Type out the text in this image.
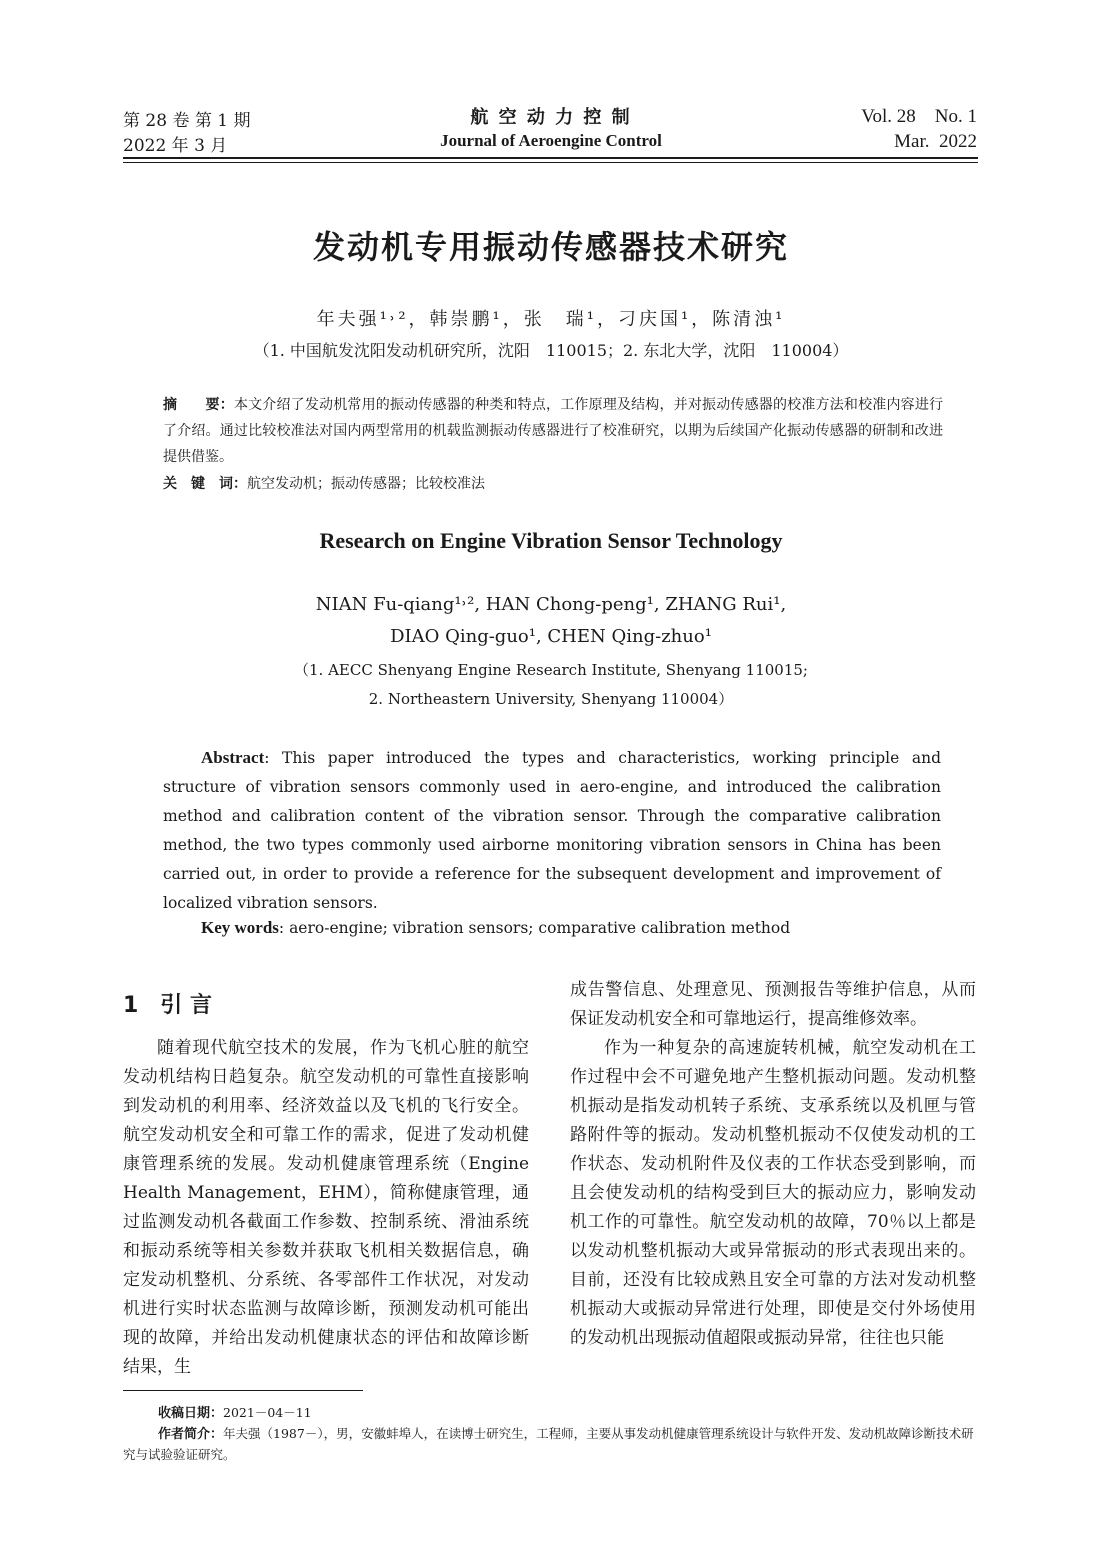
第 28 卷 第 1 期
2022 年 3 月
航 空 动 力 控 制
Journal of Aeroengine Control
Vol. 28    No. 1
Mar.  2022
发动机专用振动传感器技术研究
年夫强¹˒²，韩崇鹏¹，张　瑞¹，刁庆国¹，陈清浊¹
（1. 中国航发沈阳发动机研究所，沈阳　110015；2. 东北大学，沈阳　110004）
摘　　要：本文介绍了发动机常用的振动传感器的种类和特点，工作原理及结构，并对振动传感器的校准方法和校准内容进行了介绍。通过比较校准法对国内两型常用的机载监测振动传感器进行了校准研究，以期为后续国产化振动传感器的研制和改进提供借鉴。
关　键　词：航空发动机；振动传感器；比较校准法
Research on Engine Vibration Sensor Technology
NIAN Fu-qiang¹˒², HAN Chong-peng¹, ZHANG Rui¹,
DIAO Qing-guo¹, CHEN Qing-zhuo¹
（1. AECC Shenyang Engine Research Institute, Shenyang 110015;
2. Northeastern University, Shenyang 110004）
Abstract: This paper introduced the types and characteristics, working principle and structure of vibration sensors commonly used in aero-engine, and introduced the calibration method and calibration content of the vibration sensor. Through the comparative calibration method, the two types commonly used airborne monitoring vibration sensors in China has been carried out, in order to provide a reference for the subsequent development and improvement of localized vibration sensors.
Key words: aero-engine; vibration sensors; comparative calibration method
1　引 言

随着现代航空技术的发展，作为飞机心脏的航空发动机结构日趋复杂。航空发动机的可靠性直接影响到发动机的利用率、经济效益以及飞机的飞行安全。航空发动机安全和可靠工作的需求，促进了发动机健康管理系统的发展。发动机健康管理系统（Engine Health Management，EHM），简称健康管理，通过监测发动机各截面工作参数、控制系统、滑油系统和振动系统等相关参数并获取飞机相关数据信息，确定发动机整机、分系统、各零部件工作状况，对发动机进行实时状态监测与故障诊断，预测发动机可能出现的故障，并给出发动机健康状态的评估和故障诊断结果，生

成告警信息、处理意见、预测报告等维护信息，从而保证发动机安全和可靠地运行，提高维修效率。

作为一种复杂的高速旋转机械，航空发动机在工作过程中会不可避免地产生整机振动问题。发动机整机振动是指发动机转子系统、支承系统以及机匣与管路附件等的振动。发动机整机振动不仅使发动机的工作状态、发动机附件及仪表的工作状态受到影响，而且会使发动机的结构受到巨大的振动应力，影响发动机工作的可靠性。航空发动机的故障，70％以上都是以发动机整机振动大或异常振动的形式表现出来的。目前，还没有比较成熟且安全可靠的方法对发动机整机振动大或振动异常进行处理，即使是交付外场使用的发动机出现振动值超限或振动异常，往往也只能

收稿日期：2021－04－11
作者简介：年夫强（1987－），男，安徽蚌埠人，在读博士研究生，工程师，主要从事发动机健康管理系统设计与软件开发、发动机故障诊断技术研究与试验验证研究。
